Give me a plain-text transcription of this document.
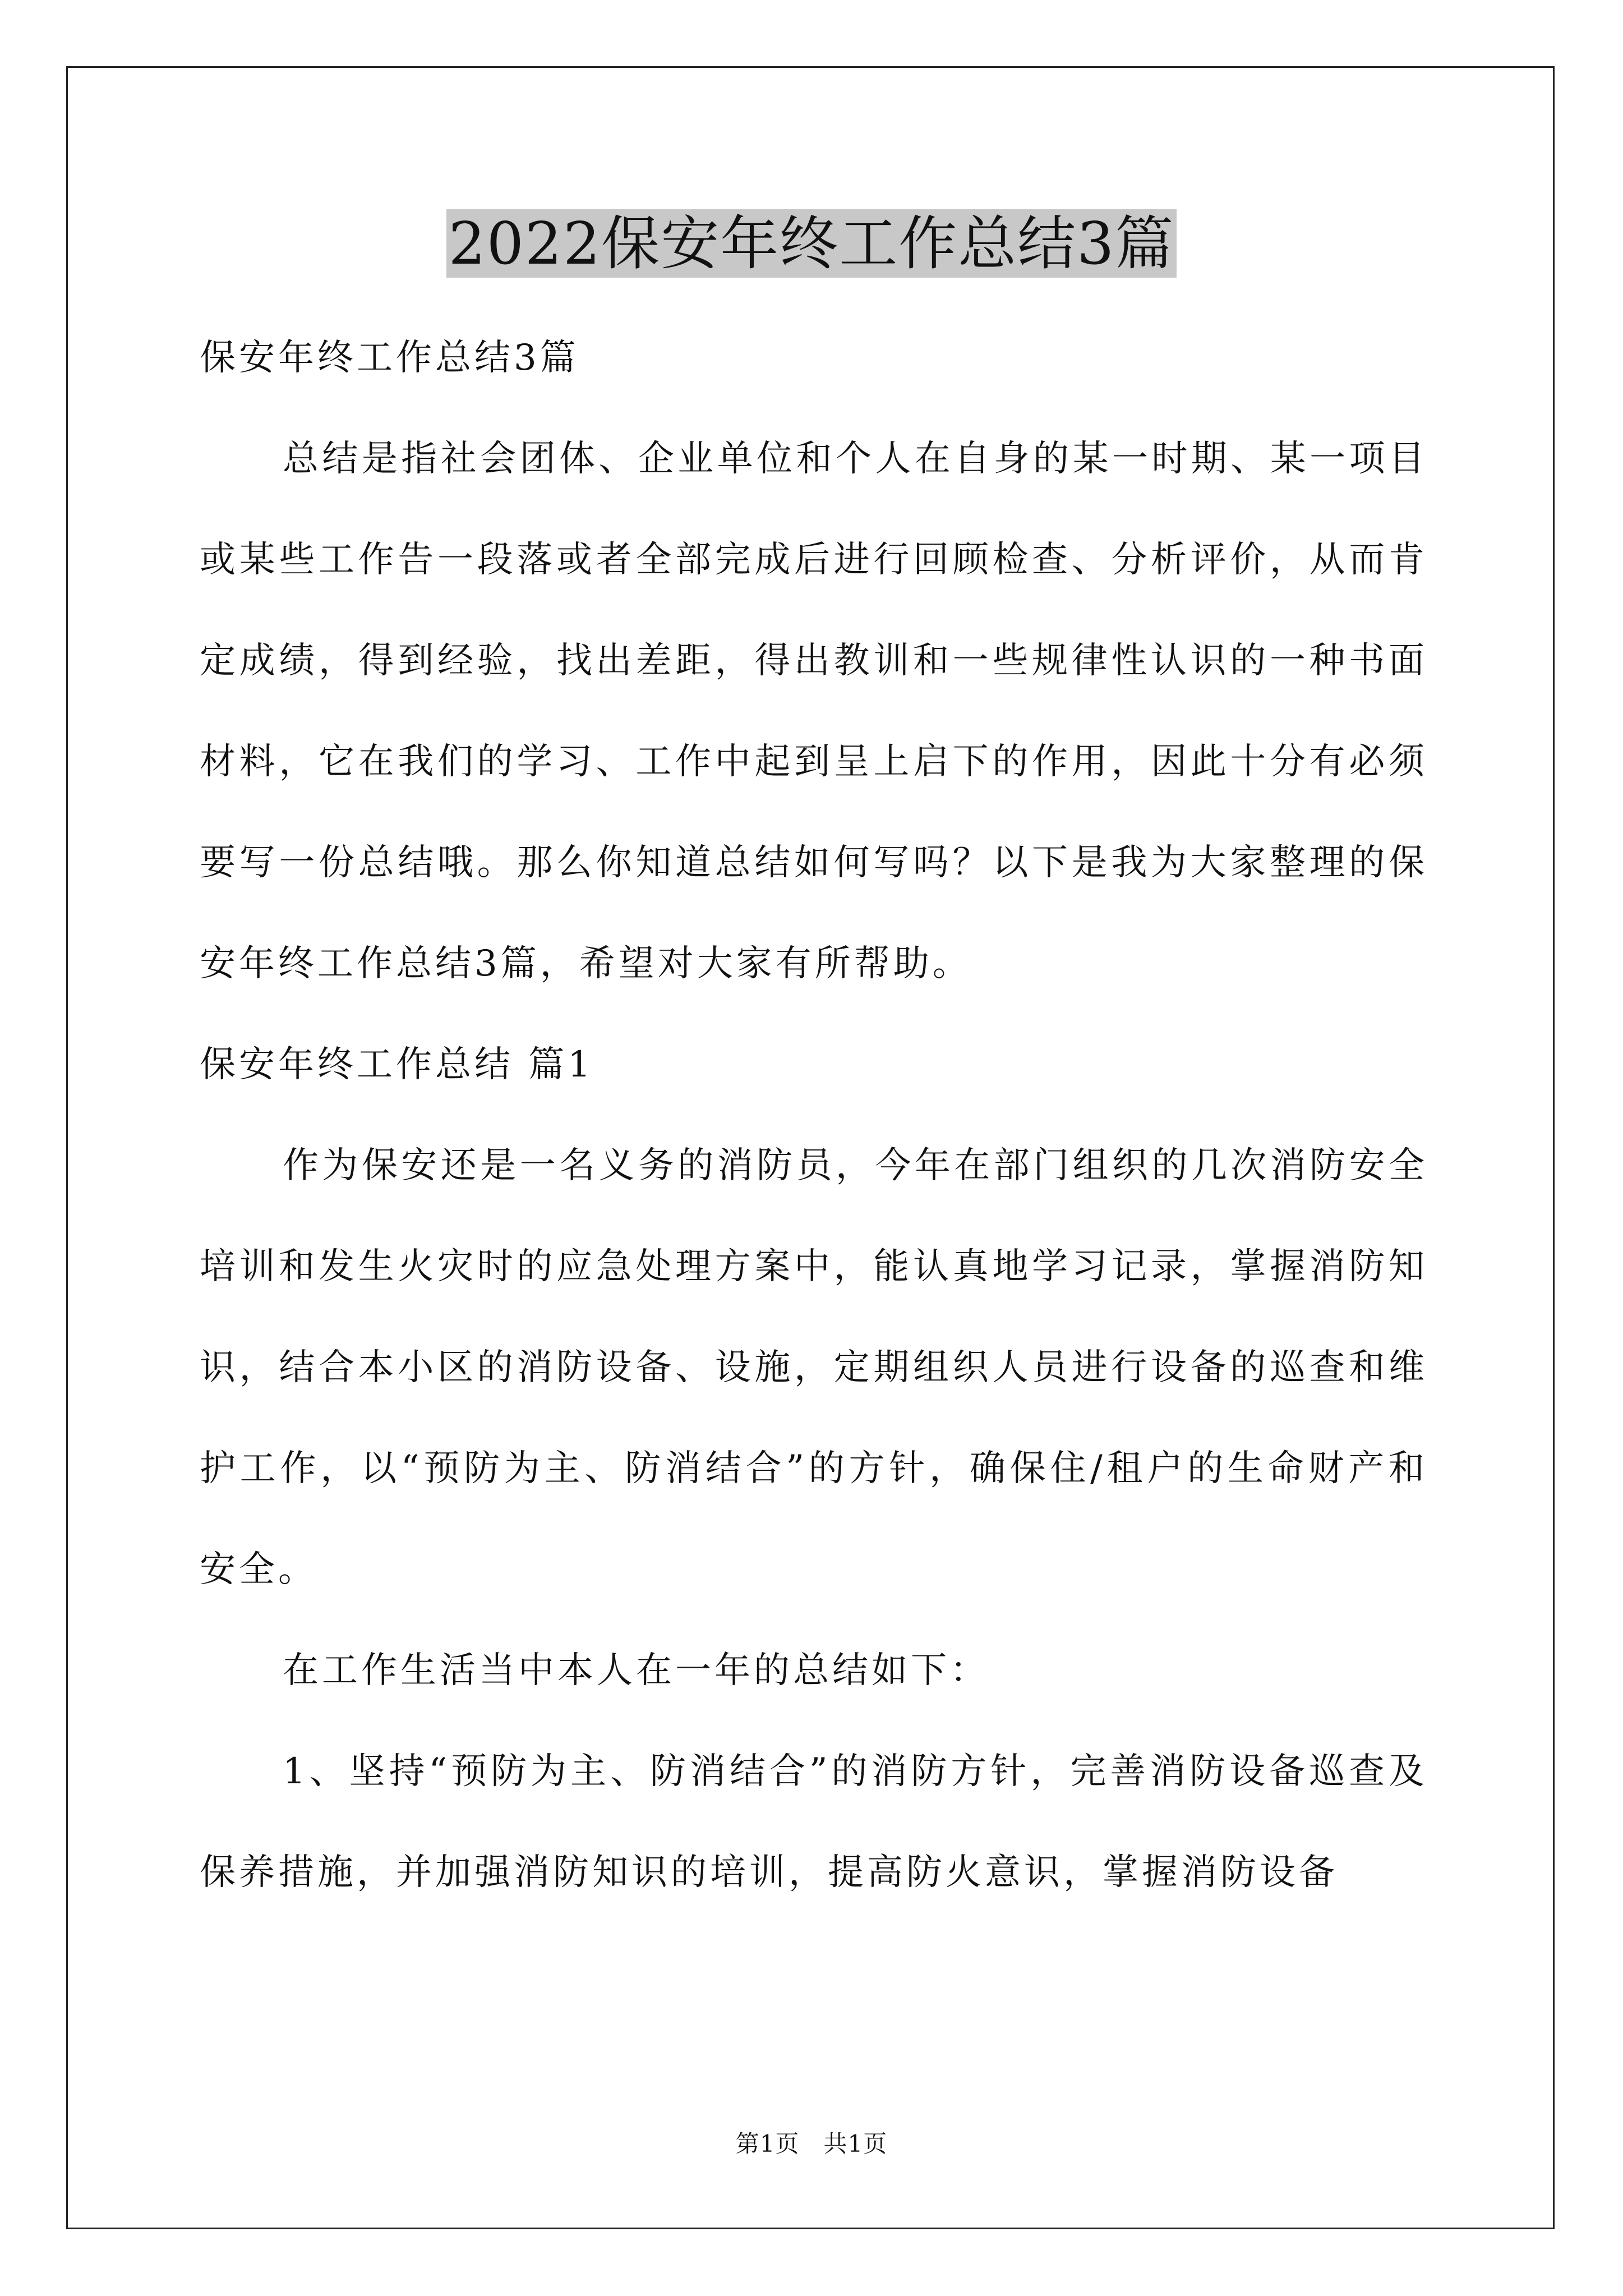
2022保安年终工作总结3篇

保安年终工作总结3篇

总结是指社会团体、企业单位和个人在自身的某一时期、某一项目或某些工作告一段落或者全部完成后进行回顾检查、分析评价，从而肯定成绩，得到经验，找出差距，得出教训和一些规律性认识的一种书面材料，它在我们的学习、工作中起到呈上启下的作用，因此十分有必须要写一份总结哦。那么你知道总结如何写吗？以下是我为大家整理的保安年终工作总结3篇，希望对大家有所帮助。

保安年终工作总结 篇1

作为保安还是一名义务的消防员，今年在部门组织的几次消防安全培训和发生火灾时的应急处理方案中，能认真地学习记录，掌握消防知识，结合本小区的消防设备、设施，定期组织人员进行设备的巡查和维护工作，以“预防为主、防消结合”的方针，确保住/租户的生命财产和安全。

在工作生活当中本人在一年的总结如下：

1、坚持“预防为主、防消结合”的消防方针，完善消防设备巡查及保养措施，并加强消防知识的培训，提高防火意识，掌握消防设备

第1页　共1页
